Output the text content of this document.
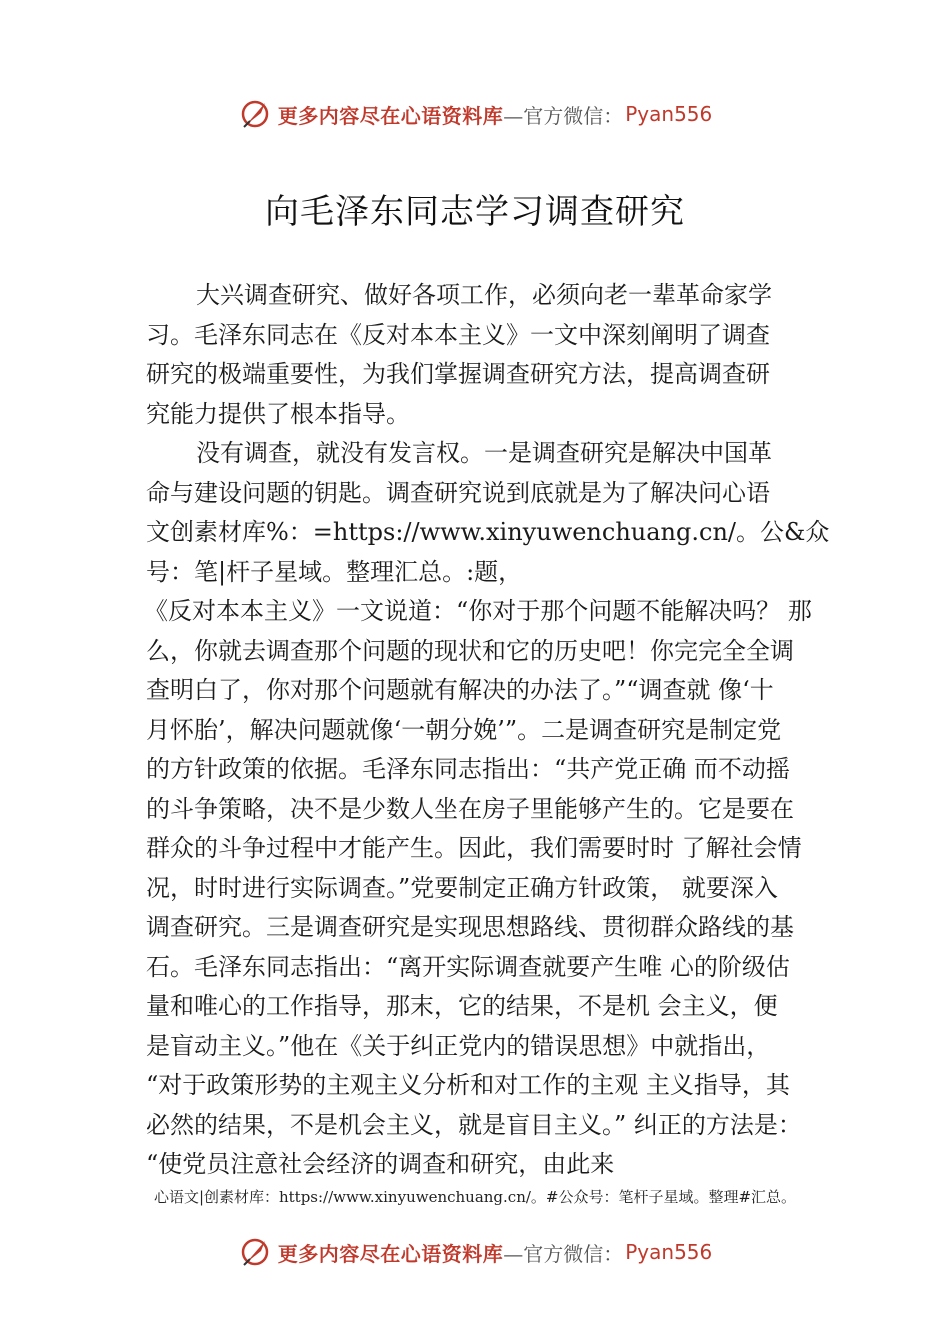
更多内容尽在心语资料库 —官方微信： Pyan556
向毛泽东同志学习调查研究
大兴调查研究、做好各项工作，必须向老一辈革命家学
习。毛泽东同志在《反对本本主义》一文中深刻阐明了调查
研究的极端重要性，为我们掌握调查研究方法，提高调查研
究能力提供了根本指导。
没有调查，就没有发言权。一是调查研究是解决中国革
命与建设问题的钥匙。调查研究说到底就是为了解决问心语
文创素材库%：=https://www.xinyuwenchuang.cn/。公&众
号：笔|杆子星域。整理汇总。:题，
《反对本本主义》一文说道：“你对于那个问题不能解决吗？ 那
么，你就去调查那个问题的现状和它的历史吧！你完完全全调
查明白了，你对那个问题就有解决的办法了。”“调查就 像‘十
月怀胎’，解决问题就像‘一朝分娩’”。二是调查研究是制定党
的方针政策的依据。毛泽东同志指出：“共产党正确 而不动摇
的斗争策略，决不是少数人坐在房子里能够产生的。它是要在
群众的斗争过程中才能产生。因此，我们需要时时 了解社会情
况，时时进行实际调查。”党要制定正确方针政策， 就要深入
调查研究。三是调查研究是实现思想路线、贯彻群众路线的基
石。毛泽东同志指出：“离开实际调查就要产生唯 心的阶级估
量和唯心的工作指导，那末，它的结果，不是机 会主义，便
是盲动主义。”他在《关于纠正党内的错误思想》中就指出，
“对于政策形势的主观主义分析和对工作的主观 主义指导，其
必然的结果，不是机会主义，就是盲目主义。” 纠正的方法是：
“使党员注意社会经济的调查和研究，由此来
心语文|创素材库：https://www.xinyuwenchuang.cn/。#公众号：笔杆子星域。整理#汇总。
更多内容尽在心语资料库 —官方微信： Pyan556
